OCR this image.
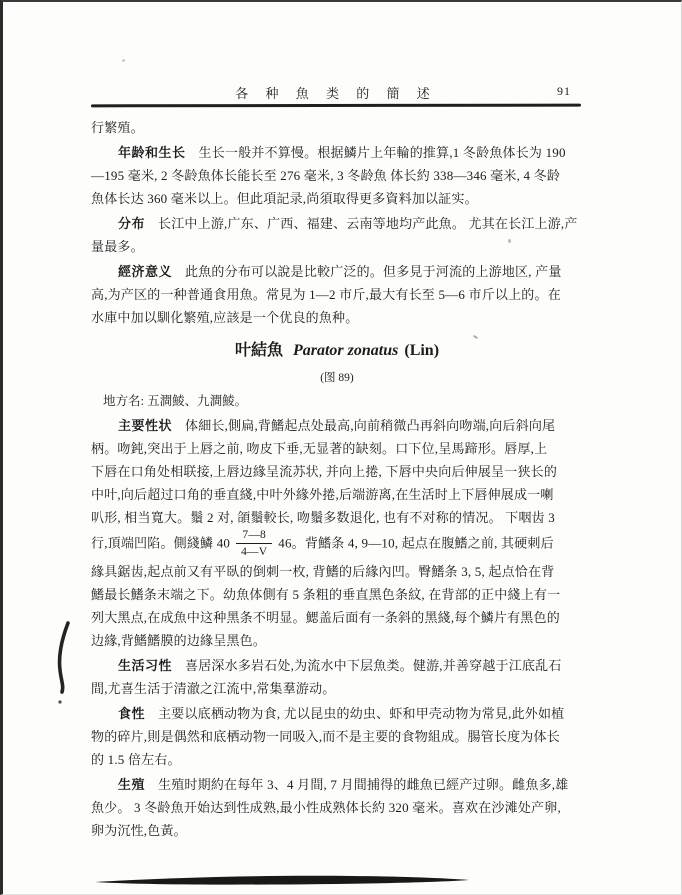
各 种 魚 类 的 簡 述	91

行繁殖。

年龄和生长 生长一般并不算慢。根据鱗片上年輪的推算,1 冬龄魚体长为 190

—195 毫米, 2 冬龄魚体长能长至 276 毫米, 3 冬龄魚 体长約 338—346 毫米, 4 冬龄

魚体长达 360 毫米以上。但此項記录,尚須取得更多資料加以証实。

分布 长江中上游,广东、广西、福建、云南等地均产此魚。 尤其在长江上游,产

量最多。

經济意义 此魚的分布可以說是比較广泛的。但多見于河流的上游地区, 产量

高,为产区的一种普通食用魚。常見为 1—2 市斤,最大有长至 5—6 市斤以上的。在

水庫中加以馴化繁殖,应該是一个优良的魚种。

叶結魚 Parator zonatus (Lin)

(图 89)

地方名: 五澗鯪、九澗鯪。

主要性状 体細长,側扁,背鰭起点处最高,向前稍微凸再斜向吻端,向后斜向尾

柄。吻鈍,突出于上唇之前, 吻皮下垂,无显著的缺刻。口下位,呈馬蹄形。唇厚,上

下唇在口角处相联接,上唇边緣呈流苏状, 并向上捲, 下唇中央向后伸展呈一狭长的

中叶,向后超过口角的垂直綫,中叶外緣外捲,后端游离,在生活时上下唇伸展成一喇

叭形, 相当寬大。鬚 2 对, 頜鬚較长, 吻鬚多数退化, 也有不对称的情况。 下咽齿 3

行,頂端凹陷。側綫鱗 $40 \frac{7—8}{4—V} 46$。背鰭条 4, 9—10, 起点在腹鰭之前, 其硬刺后

緣具鋸齿,起点前又有平臥的倒刺一枚, 背鰭的后緣內凹。臀鰭条 3, 5, 起点恰在背

鰭最长鰭条末端之下。幼魚体側有 5 条粗的垂直黑色条紋, 在背部的正中綫上有一

列大黑点,在成魚中这种黑条不明显。鰓盖后面有一条斜的黑綫,每个鱗片有黑色的

边緣,背鰭鰭膜的边緣呈黑色。

生活习性 喜居深水多岩石处,为流水中下层魚类。健游,并善穿越于江底乱石

間,尤喜生活于清澈之江流中,常集羣游动。

食性 主要以底栖动物为食, 尤以昆虫的幼虫、虾和甲壳动物为常見,此外如植

物的碎片,則是偶然和底栖动物一同吸入,而不是主要的食物組成。腸管长度为体长

的 1.5 倍左右。

生殖 生殖时期約在每年 3、4 月間, 7 月間捕得的雌魚已經产过卵。雌魚多,雄

魚少。 3 冬龄魚开始达到性成熟,最小性成熟体长約 320 毫米。喜欢在沙滩处产卵,

卵为沉性,色黃。
